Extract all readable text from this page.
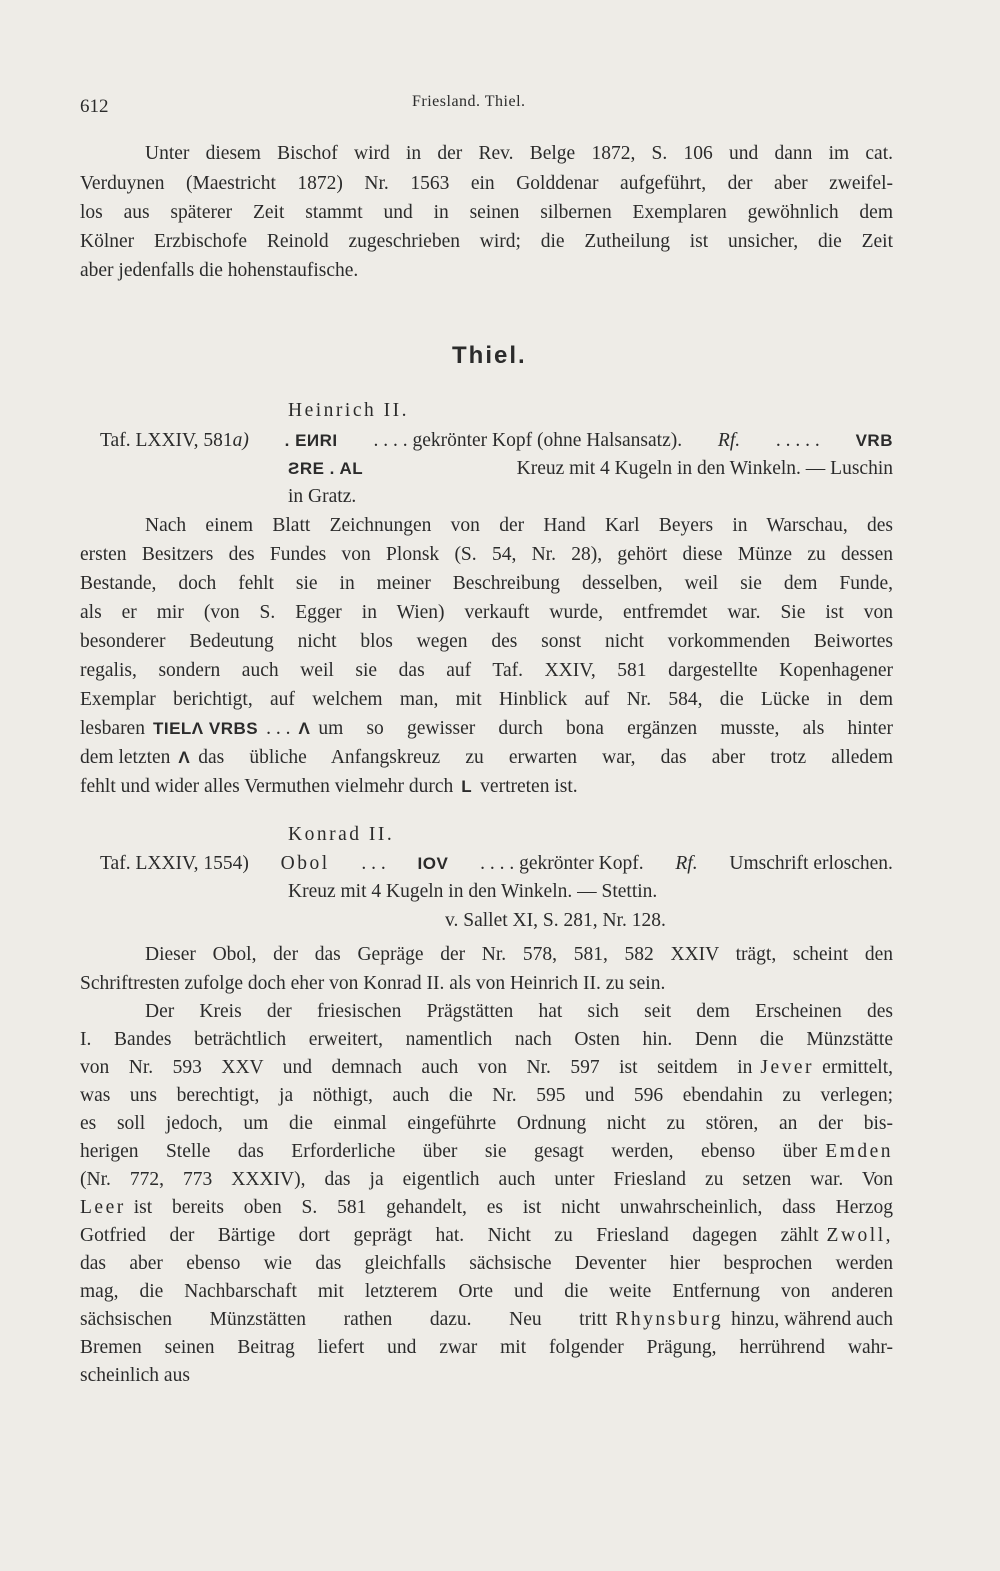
612	Friesland. Thiel.
Unter diesem Bischof wird in der Rev. Belge 1872, S. 106 und dann im cat.
Verduynen (Maestricht 1872) Nr. 1563 ein Golddenar aufgeführt, der aber zweifel-
los aus späterer Zeit stammt und in seinen silbernen Exemplaren gewöhnlich dem
Kölner Erzbischofe Reinold zugeschrieben wird; die Zutheilung ist unsicher, die Zeit
aber jedenfalls die hohenstaufische.
Thiel.
Heinrich II.
Taf. LXXIV, 581a) . EИRI . . . . gekrönter Kopf (ohne Halsansatz). Rf. . . . . . VRB
ƧRE . AL	Kreuz mit 4 Kugeln in den Winkeln. — Luschin
in Gratz.
Nach einem Blatt Zeichnungen von der Hand Karl Beyers in Warschau, des
ersten Besitzers des Fundes von Plonsk (S. 54, Nr. 28), gehört diese Münze zu dessen
Bestande, doch fehlt sie in meiner Beschreibung desselben, weil sie dem Funde,
als er mir (von S. Egger in Wien) verkauft wurde, entfremdet war. Sie ist von
besonderer Bedeutung nicht blos wegen des sonst nicht vorkommenden Beiwortes
regalis, sondern auch weil sie das auf Taf. XXIV, 581 dargestellte Kopenhagener
Exemplar berichtigt, auf welchem man, mit Hinblick auf Nr. 584, die Lücke in dem
lesbaren TIELΛ VRBS . . . Λ um so gewisser durch bona ergänzen musste, als hinter
dem letzten Λ das übliche Anfangskreuz zu erwarten war, das aber trotz alledem
fehlt und wider alles Vermuthen vielmehr durch L vertreten ist.
Konrad II.
Taf. LXXIV, 1554) Obol . . . IOV . . . . gekrönter Kopf. Rf. Umschrift erloschen.
Kreuz mit 4 Kugeln in den Winkeln. — Stettin.
v. Sallet XI, S. 281, Nr. 128.
Dieser Obol, der das Gepräge der Nr. 578, 581, 582 XXIV trägt, scheint den
Schriftresten zufolge doch eher von Konrad II. als von Heinrich II. zu sein.
Der Kreis der friesischen Prägstätten hat sich seit dem Erscheinen des
I. Bandes beträchtlich erweitert, namentlich nach Osten hin. Denn die Münzstätte
von Nr. 593 XXV und demnach auch von Nr. 597 ist seitdem in Jever ermittelt,
was uns berechtigt, ja nöthigt, auch die Nr. 595 und 596 ebendahin zu verlegen;
es soll jedoch, um die einmal eingeführte Ordnung nicht zu stören, an der bis-
herigen Stelle das Erforderliche über sie gesagt werden, ebenso über Emden
(Nr. 772, 773 XXXIV), das ja eigentlich auch unter Friesland zu setzen war. Von
Leer ist bereits oben S. 581 gehandelt, es ist nicht unwahrscheinlich, dass Herzog
Gotfried der Bärtige dort geprägt hat. Nicht zu Friesland dagegen zählt Zwoll,
das aber ebenso wie das gleichfalls sächsische Deventer hier besprochen werden
mag, die Nachbarschaft mit letzterem Orte und die weite Entfernung von anderen
sächsischen Münzstätten rathen dazu. Neu tritt Rhynsburg hinzu, während auch
Bremen seinen Beitrag liefert und zwar mit folgender Prägung, herrührend wahr-
scheinlich aus
